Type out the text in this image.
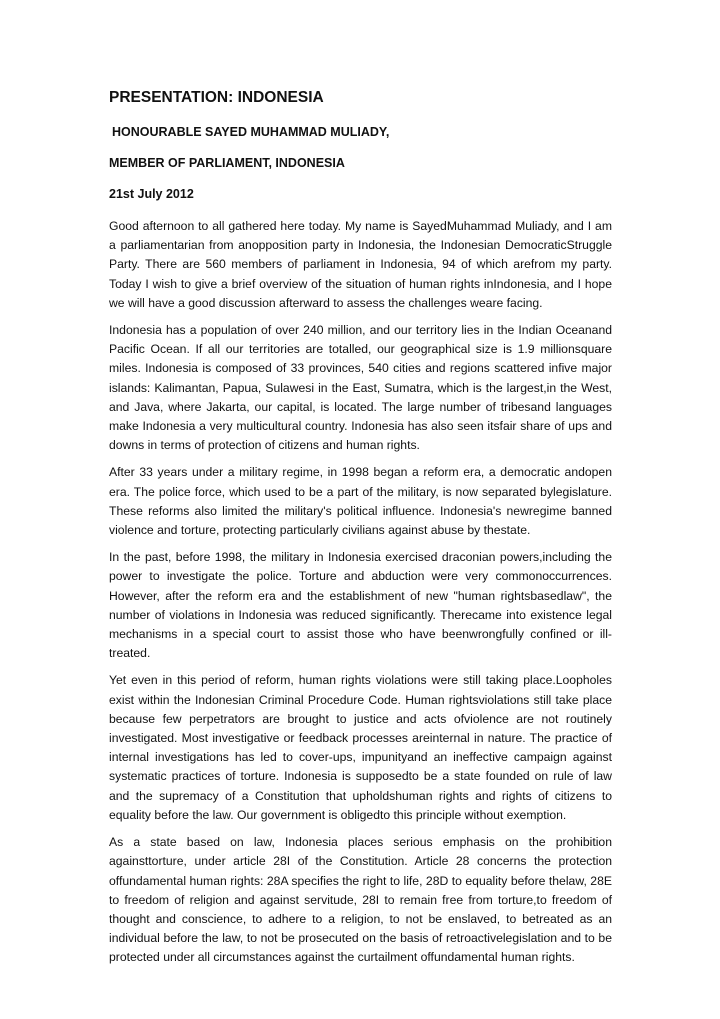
PRESENTATION: INDONESIA
HONOURABLE SAYED MUHAMMAD MULIADY,
MEMBER OF PARLIAMENT, INDONESIA
21st July 2012

Good afternoon to all gathered here today. My name is SayedMuhammad Muliady, and I am a parliamentarian from anopposition party in Indonesia, the Indonesian DemocraticStruggle Party. There are 560 members of parliament in Indonesia, 94 of which arefrom my party. Today I wish to give a brief overview of the situation of human rights inIndonesia, and I hope we will have a good discussion afterward to assess the challenges weare facing.

Indonesia has a population of over 240 million, and our territory lies in the Indian Oceanand Pacific Ocean. If all our territories are totalled, our geographical size is 1.9 millionsquare miles. Indonesia is composed of 33 provinces, 540 cities and regions scattered infive major islands: Kalimantan, Papua, Sulawesi in the East, Sumatra, which is the largest,in the West, and Java, where Jakarta, our capital, is located. The large number of tribesand languages make Indonesia a very multicultural country. Indonesia has also seen itsfair share of ups and downs in terms of protection of citizens and human rights.

After 33 years under a military regime, in 1998 began a reform era, a democratic andopen era. The police force, which used to be a part of the military, is now separated bylegislature. These reforms also limited the military's political influence. Indonesia's newregime banned violence and torture, protecting particularly civilians against abuse by thestate.

In the past, before 1998, the military in Indonesia exercised draconian powers,including the power to investigate the police. Torture and abduction were very commonoccurrences. However, after the reform era and the establishment of new "human rightsbasedlaw", the number of violations in Indonesia was reduced significantly. Therecame into existence legal mechanisms in a special court to assist those who have beenwrongfully confined or ill-treated.

Yet even in this period of reform, human rights violations were still taking place.Loopholes exist within the Indonesian Criminal Procedure Code. Human rightsviolations still take place because few perpetrators are brought to justice and acts ofviolence are not routinely investigated. Most investigative or feedback processes areinternal in nature. The practice of internal investigations has led to cover-ups, impunityand an ineffective campaign against systematic practices of torture. Indonesia is supposedto be a state founded on rule of law and the supremacy of a Constitution that upholdshuman rights and rights of citizens to equality before the law. Our government is obligedto this principle without exemption.

As a state based on law, Indonesia places serious emphasis on the prohibition againsttorture, under article 28I of the Constitution. Article 28 concerns the protection offundamental human rights: 28A specifies the right to life, 28D to equality before thelaw, 28E to freedom of religion and against servitude, 28I to remain free from torture,to freedom of thought and conscience, to adhere to a religion, to not be enslaved, to betreated as an individual before the law, to not be prosecuted on the basis of retroactivelegislation and to be protected under all circumstances against the curtailment offundamental human rights.
